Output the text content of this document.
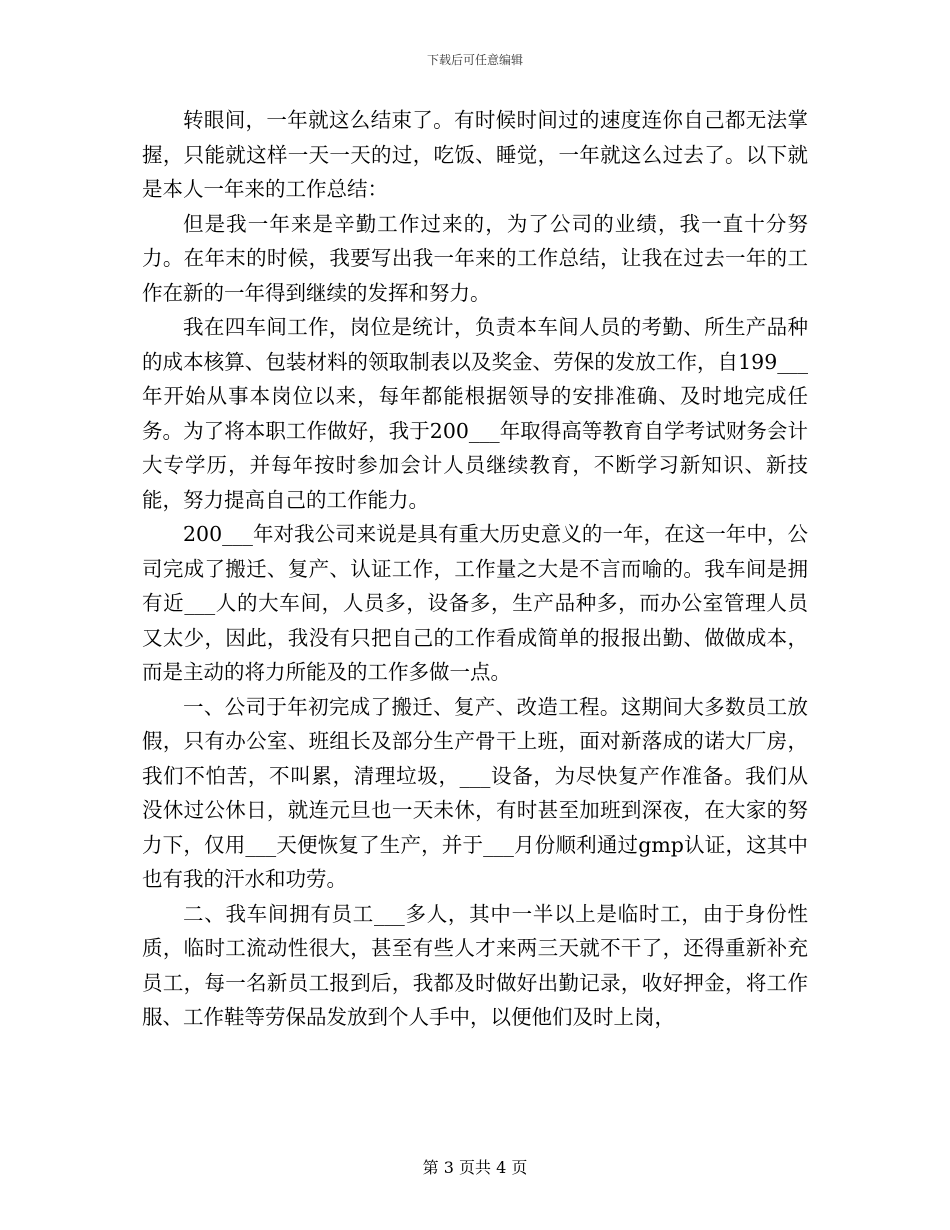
下载后可任意编辑

转眼间，一年就这么结束了。有时候时间过的速度连你自己都无法掌握，只能就这样一天一天的过，吃饭、睡觉，一年就这么过去了。以下就是本人一年来的工作总结：

但是我一年来是辛勤工作过来的，为了公司的业绩，我一直十分努力。在年末的时候，我要写出我一年来的工作总结，让我在过去一年的工作在新的一年得到继续的发挥和努力。

我在四车间工作，岗位是统计，负责本车间人员的考勤、所生产品种的成本核算、包装材料的领取制表以及奖金、劳保的发放工作，自199___年开始从事本岗位以来，每年都能根据领导的安排准确、及时地完成任务。为了将本职工作做好，我于200___年取得高等教育自学考试财务会计大专学历，并每年按时参加会计人员继续教育，不断学习新知识、新技能，努力提高自己的工作能力。

200___年对我公司来说是具有重大历史意义的一年，在这一年中，公司完成了搬迁、复产、认证工作，工作量之大是不言而喻的。我车间是拥有近___人的大车间，人员多，设备多，生产品种多，而办公室管理人员又太少，因此，我没有只把自己的工作看成简单的报报出勤、做做成本，而是主动的将力所能及的工作多做一点。

一、公司于年初完成了搬迁、复产、改造工程。这期间大多数员工放假，只有办公室、班组长及部分生产骨干上班，面对新落成的诺大厂房，我们不怕苦，不叫累，清理垃圾，___设备，为尽快复产作准备。我们从没休过公休日，就连元旦也一天未休，有时甚至加班到深夜，在大家的努力下，仅用___天便恢复了生产，并于___月份顺利通过gmp认证，这其中也有我的汗水和功劳。

二、我车间拥有员工___多人，其中一半以上是临时工，由于身份性质，临时工流动性很大，甚至有些人才来两三天就不干了，还得重新补充员工，每一名新员工报到后，我都及时做好出勤记录，收好押金，将工作服、工作鞋等劳保品发放到个人手中，以便他们及时上岗，

第 3 页共 4 页
